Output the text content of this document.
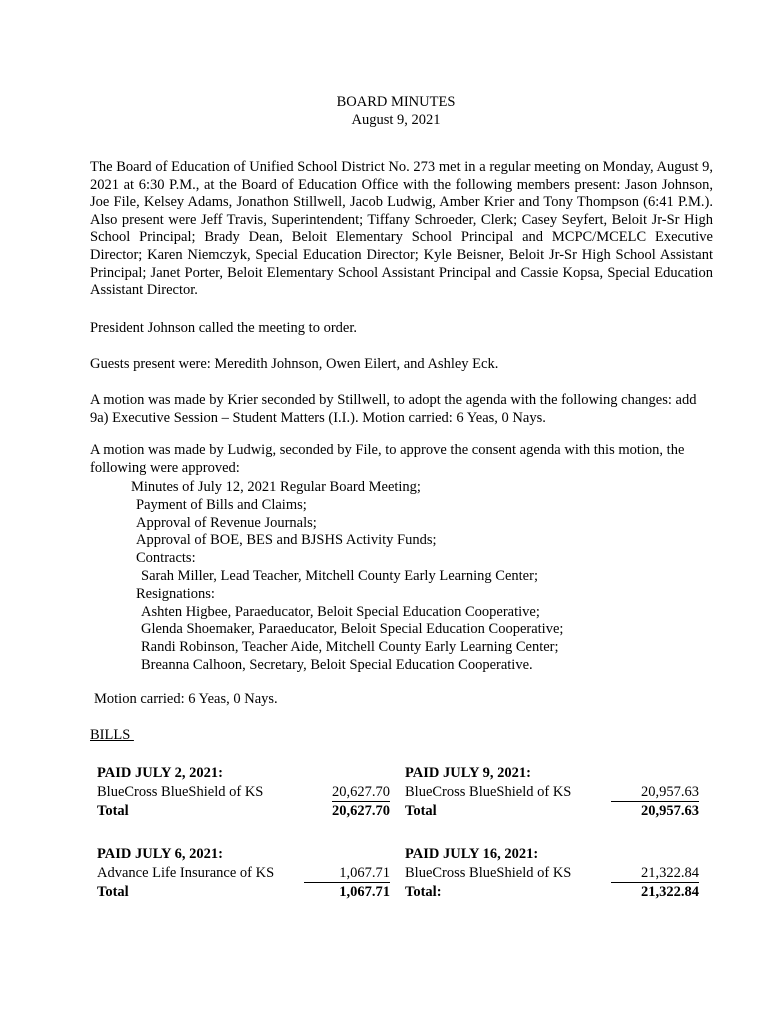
BOARD MINUTES
August 9, 2021
The Board of Education of Unified School District No. 273 met in a regular meeting on Monday, August 9, 2021 at 6:30 P.M., at the Board of Education Office with the following members present: Jason Johnson, Joe File, Kelsey Adams, Jonathon Stillwell, Jacob Ludwig, Amber Krier and Tony Thompson (6:41 P.M.). Also present were Jeff Travis, Superintendent; Tiffany Schroeder, Clerk; Casey Seyfert, Beloit Jr-Sr High School Principal; Brady Dean, Beloit Elementary School Principal and MCPC/MCELC Executive Director; Karen Niemczyk, Special Education Director; Kyle Beisner, Beloit Jr-Sr High School Assistant Principal; Janet Porter, Beloit Elementary School Assistant Principal and Cassie Kopsa, Special Education Assistant Director.
President Johnson called the meeting to order.
Guests present were: Meredith Johnson, Owen Eilert, and Ashley Eck.
A motion was made by Krier seconded by Stillwell, to adopt the agenda with the following changes: add 9a) Executive Session – Student Matters (I.I.). Motion carried: 6 Yeas, 0 Nays.
A motion was made by Ludwig, seconded by File, to approve the consent agenda with this motion, the following were approved:
Minutes of July 12, 2021 Regular Board Meeting;
Payment of Bills and Claims;
Approval of Revenue Journals;
Approval of BOE, BES and BJSHS Activity Funds;
Contracts:
Sarah Miller, Lead Teacher, Mitchell County Early Learning Center;
Resignations:
Ashten Higbee, Paraeducator, Beloit Special Education Cooperative;
Glenda Shoemaker, Paraeducator, Beloit Special Education Cooperative;
Randi Robinson, Teacher Aide, Mitchell County Early Learning Center;
Breanna Calhoon, Secretary, Beloit Special Education Cooperative.
Motion carried: 6 Yeas, 0 Nays.
BILLS
PAID JULY 2, 2021:	
BlueCross BlueShield of KS	20,627.70
Total	20,627.70
PAID JULY 9, 2021:	
BlueCross BlueShield of KS	20,957.63
Total	20,957.63
PAID JULY 6, 2021:	
Advance Life Insurance of KS	1,067.71
Total	1,067.71
PAID JULY 16, 2021:	
BlueCross BlueShield of KS	21,322.84
Total:	21,322.84
